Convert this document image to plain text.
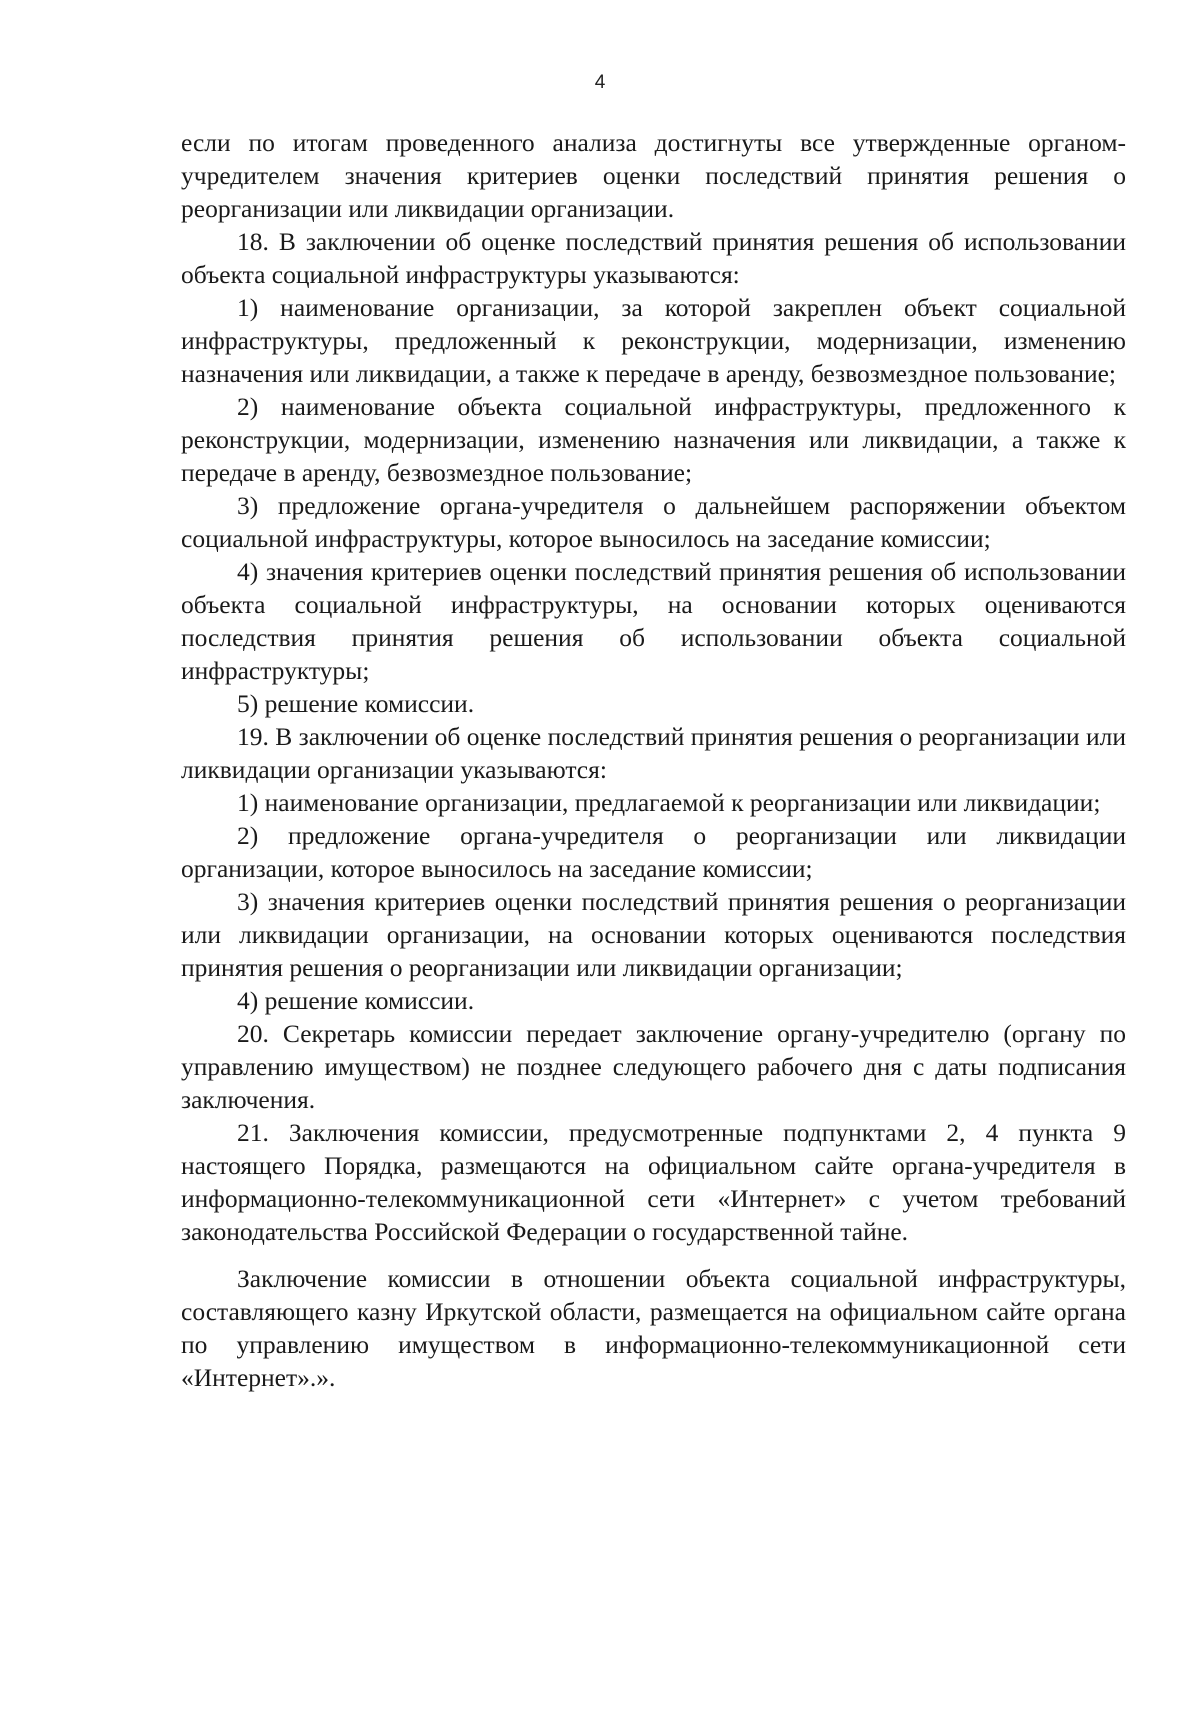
4

если по итогам проведенного анализа достигнуты все утвержденные органом-учредителем значения критериев оценки последствий принятия решения о реорганизации или ликвидации организации.

18. В заключении об оценке последствий принятия решения об использовании объекта социальной инфраструктуры указываются:

1) наименование организации, за которой закреплен объект социальной инфраструктуры, предложенный к реконструкции, модернизации, изменению назначения или ликвидации, а также к передаче в аренду, безвозмездное пользование;

2) наименование объекта социальной инфраструктуры, предложенного к реконструкции, модернизации, изменению назначения или ликвидации, а также к передаче в аренду, безвозмездное пользование;

3) предложение органа-учредителя о дальнейшем распоряжении объектом социальной инфраструктуры, которое выносилось на заседание комиссии;

4) значения критериев оценки последствий принятия решения об использовании объекта социальной инфраструктуры, на основании которых оцениваются последствия принятия решения об использовании объекта социальной инфраструктуры;

5) решение комиссии.

19. В заключении об оценке последствий принятия решения о реорганизации или ликвидации организации указываются:

1) наименование организации, предлагаемой к реорганизации или ликвидации;

2) предложение органа-учредителя о реорганизации или ликвидации организации, которое выносилось на заседание комиссии;

3) значения критериев оценки последствий принятия решения о реорганизации или ликвидации организации, на основании которых оцениваются последствия принятия решения о реорганизации или ликвидации организации;

4) решение комиссии.

20. Секретарь комиссии передает заключение органу-учредителю (органу по управлению имуществом) не позднее следующего рабочего дня с даты подписания заключения.

21. Заключения комиссии, предусмотренные подпунктами 2, 4 пункта 9 настоящего Порядка, размещаются на официальном сайте органа-учредителя в информационно-телекоммуникационной сети «Интернет» с учетом требований законодательства Российской Федерации о государственной тайне.

Заключение комиссии в отношении объекта социальной инфраструктуры, составляющего казну Иркутской области, размещается на официальном сайте органа по управлению имуществом в информационно-телекоммуникационной сети «Интернет».».
